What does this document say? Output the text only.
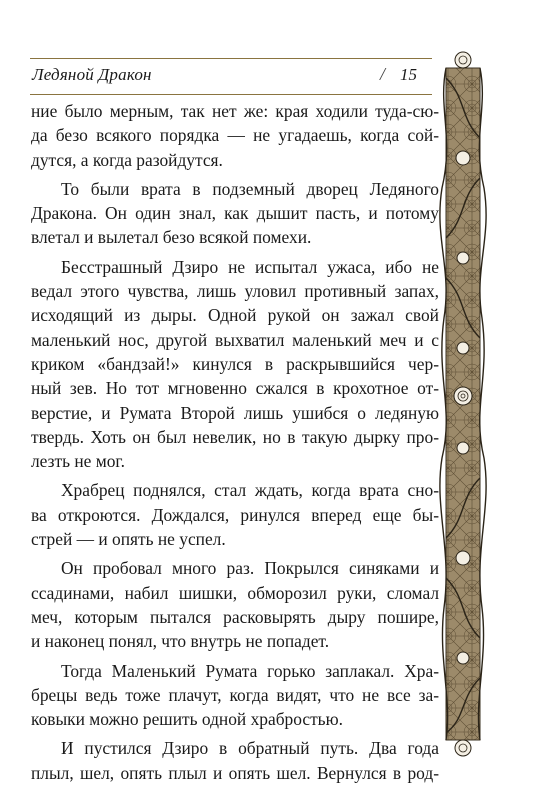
Ледяной Дракон	/ 15
ние было мерным, так нет же: края ходили туда-сю-
да безо всякого порядка — не угадаешь, когда сой-
дутся, а когда разойдутся.
То были врата в подземный дворец Ледяного
Дракона. Он один знал, как дышит пасть, и потому
влетал и вылетал безо всякой помехи.
Бесстрашный Дзиро не испытал ужаса, ибо не
ведал этого чувства, лишь уловил противный запах,
исходящий из дыры. Одной рукой он зажал свой
маленький нос, другой выхватил маленький меч и с
криком «бандзай!» кинулся в раскрывшийся чер-
ный зев. Но тот мгновенно сжался в крохотное от-
верстие, и Румата Второй лишь ушибся о ледяную
твердь. Хоть он был невелик, но в такую дырку про-
лезть не мог.
Храбрец поднялся, стал ждать, когда врата сно-
ва откроются. Дождался, ринулся вперед еще бы-
стрей — и опять не успел.
Он пробовал много раз. Покрылся синяками и
ссадинами, набил шишки, обморозил руки, сломал
меч, которым пытался расковырять дыру пошире,
и наконец понял, что внутрь не попадет.
Тогда Маленький Румата горько заплакал. Хра-
брецы ведь тоже плачут, когда видят, что не все за-
ковыки можно решить одной храбростью.
И пустился Дзиро в обратный путь. Два года
плыл, шел, опять плыл и опять шел. Вернулся в род-
